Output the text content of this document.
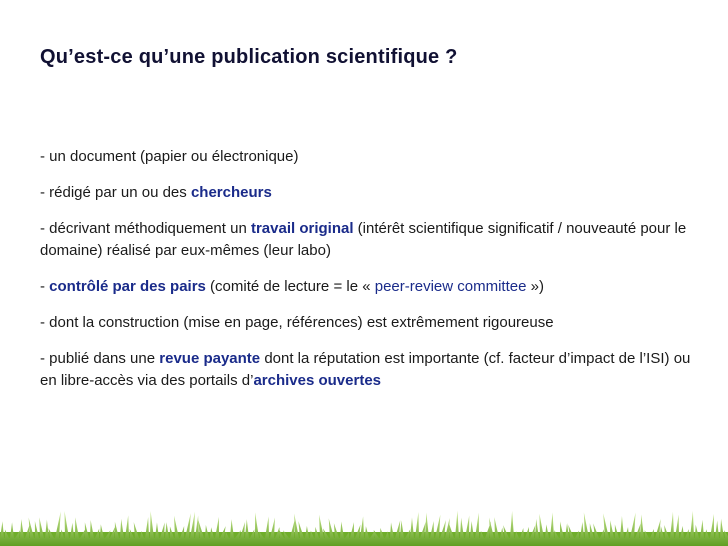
Qu’est-ce qu’une publication scientifique ?
- un document (papier ou électronique)
- rédigé par un ou des chercheurs
- décrivant méthodiquement un travail original (intérêt scientifique significatif / nouveauté pour le domaine) réalisé par eux-mêmes (leur labo)
- contrôlé par des pairs (comité de lecture = le « peer-review committee »)
- dont la construction (mise en page, références) est extrêmement rigoureuse
- publié dans une revue payante dont la réputation est importante (cf. facteur d’impact de l’ISI) ou en libre-accès via des portails d’archives ouvertes
